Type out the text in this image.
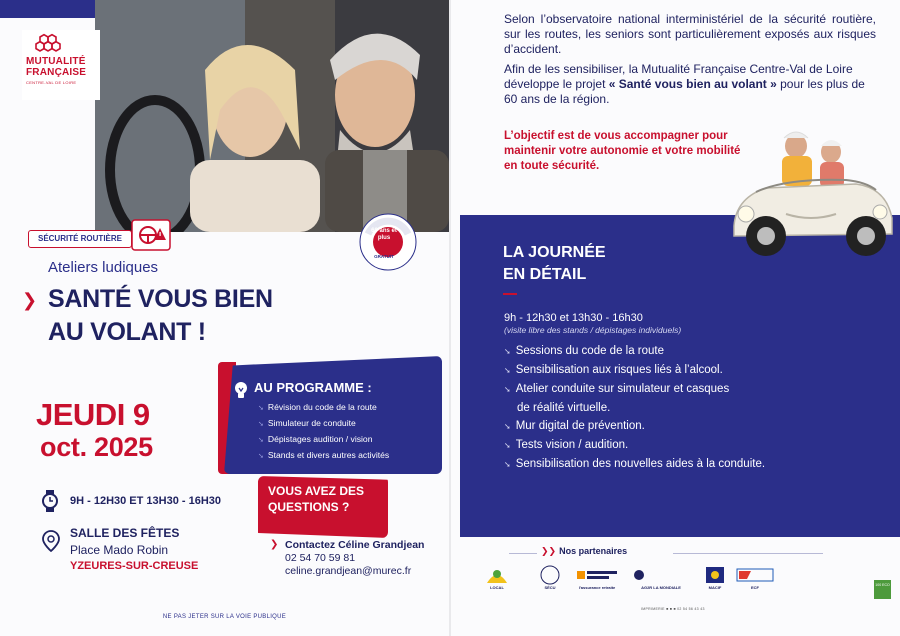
MUTUALITÉ
FRANÇAISE
CENTRE-VAL DE LOIRE
SÉCURITÉ ROUTIÈRE
60 ans et plus
GRATUIT
Ateliers ludiques
❯ SANTÉ VOUS BIEN
AU VOLANT !
JEUDI 9
oct. 2025
AU PROGRAMME :
➘ Révision du code de la route
➘ Simulateur de conduite
➘ Dépistages audition / vision
➘ Stands et divers autres activités
VOUS AVEZ DES QUESTIONS ?
9H - 12H30 ET 13H30 - 16H30
SALLE DES FÊTES
Place Mado Robin
YZEURES-SUR-CREUSE
❯ Contactez Céline Grandjean
02 54 70 59 81
celine.grandjean@murec.fr
NE PAS JETER SUR LA VOIE PUBLIQUE

Selon l’observatoire national interministériel de la sécurité routière, sur les routes, les seniors sont particulièrement exposés aux risques d’accident.

Afin de les sensibiliser, la Mutualité Française Centre-Val de Loire développe le projet « Santé vous bien au volant » pour les plus de 60 ans de la région.

L’objectif est de vous accompagner pour maintenir votre autonomie et votre mobilité en toute sécurité.

LA JOURNÉE
EN DÉTAIL
9h - 12h30 et 13h30 - 16h30
(visite libre des stands / dépistages individuels)
➘ Sessions du code de la route
➘ Sensibilisation aux risques liés à l’alcool.
➘ Atelier conduite sur simulateur et casques
de réalité virtuelle.
➘ Mur digital de prévention.
➘ Tests vision / audition.
➘ Sensibilisation des nouvelles aides à la conduite.
❯❯ Nos partenaires
LOCAL	SÉCU	l'assurance retraite	AG2R LA MONDIALE	MACIF	ECF
IMPRIMERIE ■ ■ ■ 02 54 56 43 43
100 ECO
